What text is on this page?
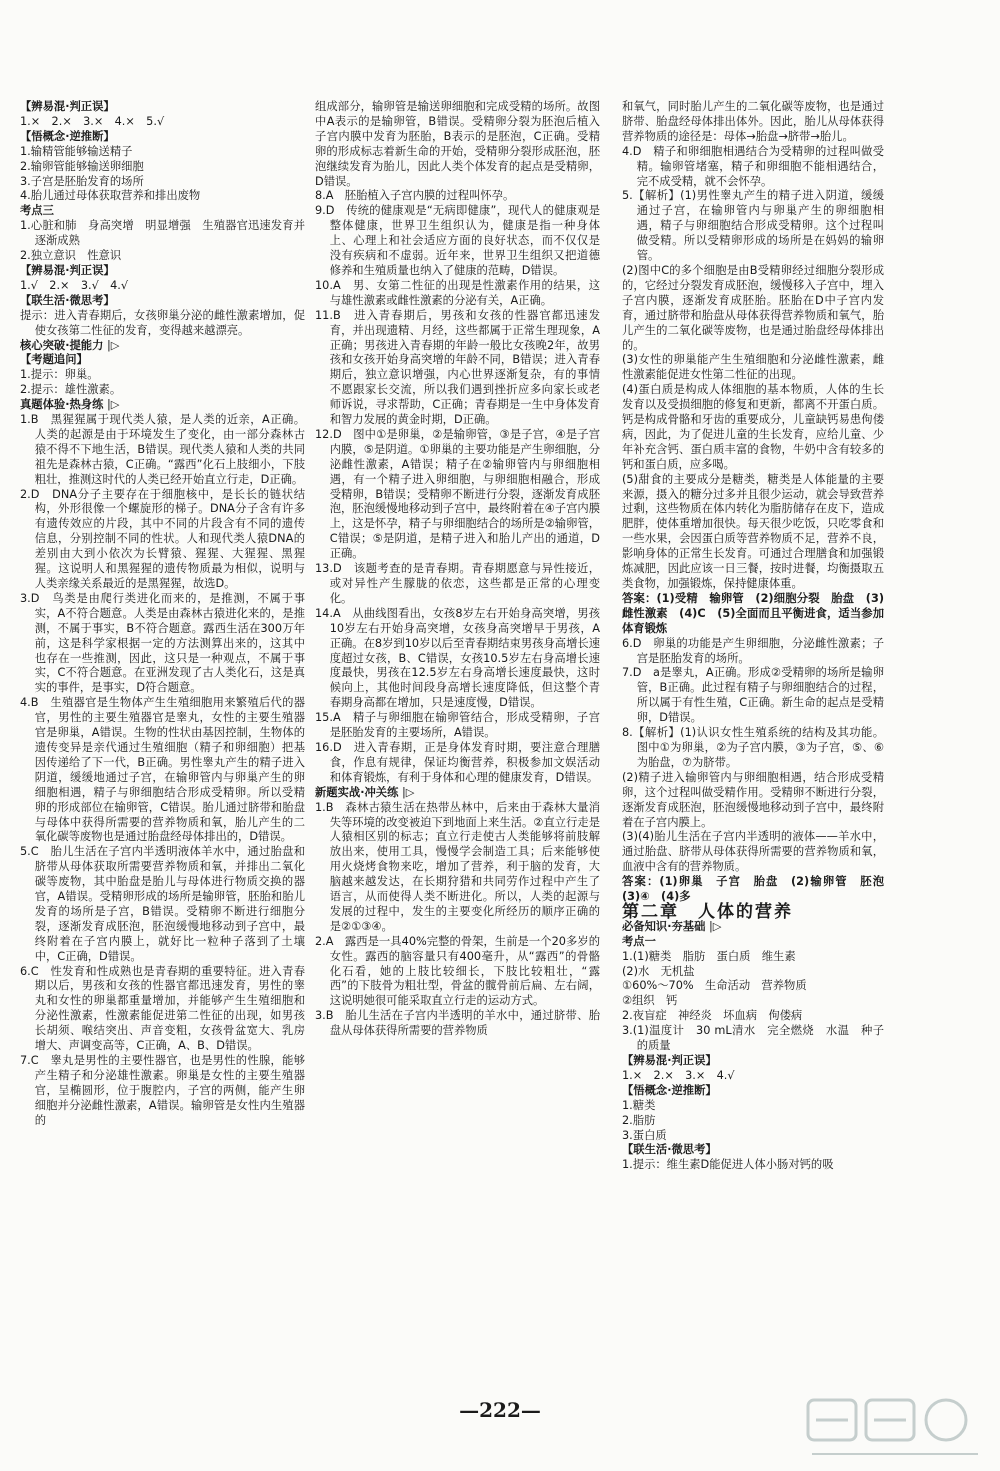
【辨易混·判正误】

1.×　2.×　3.×　4.×　5.√

【悟概念·逆推断】

1.输精管能够输送精子

2.输卵管能够输送卵细胞

3.子宫是胚胎发育的场所

4.胎儿通过母体获取营养和排出废物

考点三

1.心脏和肺　身高突增　明显增强　生殖器官迅速发育并逐渐成熟

2.独立意识　性意识

【辨易混·判正误】

1.√　2.×　3.√　4.√

【联生活·微思考】

提示：进入青春期后，女孩卵巢分泌的雌性激素增加，促使女孩第二性征的发育，变得越来越漂亮。

核心突破·提能力 |▷

【考题追问】

1.提示：卵巢。

2.提示：雄性激素。

真题体验·热身练 |▷

1.B　黑猩猩属于现代类人猿，是人类的近亲，A正确。人类的起源是由于环境发生了变化，由一部分森林古猿不得不下地生活，B错误。现代类人猿和人类的共同祖先是森林古猿，C正确。“露西”化石上肢细小，下肢粗壮，推测这时代的人类已经开始直立行走，D正确。

2.D　DNA分子主要存在于细胞核中，是长长的链状结构，外形很像一个螺旋形的梯子。DNA分子含有许多有遗传效应的片段，其中不同的片段含有不同的遗传信息，分别控制不同的性状。人和现代类人猿DNA的差别由大到小依次为长臂猿、猩猩、大猩猩、黑猩猩。这说明人和黑猩猩的遗传物质最为相似，说明与人类亲缘关系最近的是黑猩猩，故选D。

3.D　鸟类是由爬行类进化而来的，是推测，不属于事实，A不符合题意。人类是由森林古猿进化来的，是推测，不属于事实，B不符合题意。露西生活在300万年前，这是科学家根据一定的方法测算出来的，这其中也存在一些推测，因此，这只是一种观点，不属于事实，C不符合题意。在亚洲发现了古人类化石，这是真实的事件，是事实，D符合题意。

4.B　生殖器官是生物体产生生殖细胞用来繁殖后代的器官，男性的主要生殖器官是睾丸，女性的主要生殖器官是卵巢，A错误。生物的性状由基因控制，生物体的遗传变异是亲代通过生殖细胞（精子和卵细胞）把基因传递给了下一代，B正确。男性睾丸产生的精子进入阴道，缓缓地通过子宫，在输卵管内与卵巢产生的卵细胞相遇，精子与卵细胞结合形成受精卵。所以受精卵的形成部位在输卵管，C错误。胎儿通过脐带和胎盘与母体中获得所需要的营养物质和氧，胎儿产生的二氧化碳等废物也是通过胎盘经母体排出的，D错误。

5.C　胎儿生活在子宫内半透明液体羊水中，通过胎盘和脐带从母体获取所需要营养物质和氧，并排出二氧化碳等废物，其中胎盘是胎儿与母体进行物质交换的器官，A错误。受精卵形成的场所是输卵管，胚胎和胎儿发育的场所是子宫，B错误。受精卵不断进行细胞分裂，逐渐发育成胚泡，胚泡缓慢地移动到子宫中，最终附着在子宫内膜上，就好比一粒种子落到了土壤中，C正确，D错误。

6.C　性发育和性成熟也是青春期的重要特征。进入青春期以后，男孩和女孩的性器官都迅速发育，男性的睾丸和女性的卵巢都重量增加，并能够产生生殖细胞和分泌性激素，性激素能促进第二性征的出现，如男孩长胡须、喉结突出、声音变粗，女孩骨盆宽大、乳房增大、声调变高等，C正确，A、B、D错误。

7.C　睾丸是男性的主要性器官，也是男性的性腺，能够产生精子和分泌雄性激素。卵巢是女性的主要生殖器官，呈椭圆形，位于腹腔内，子宫的两侧，能产生卵细胞并分泌雌性激素，A错误。输卵管是女性内生殖器的

组成部分，输卵管是输送卵细胞和完成受精的场所。故图中A表示的是输卵管，B错误。受精卵分裂为胚泡后植入子宫内膜中发育为胚胎，B表示的是胚泡，C正确。受精卵的形成标志着新生命的开始，受精卵分裂形成胚泡，胚泡继续发育为胎儿，因此人类个体发育的起点是受精卵，D错误。

8.A　胚胎植入子宫内膜的过程叫怀孕。

9.D　传统的健康观是“无病即健康”，现代人的健康观是整体健康，世界卫生组织认为，健康是指一种身体上、心理上和社会适应方面的良好状态，而不仅仅是没有疾病和不虚弱。近年来，世界卫生组织又把道德修养和生殖质量也纳入了健康的范畴，D错误。

10.A　男、女第二性征的出现是性激素作用的结果，这与雄性激素或雌性激素的分泌有关，A正确。

11.B　进入青春期后，男孩和女孩的性器官都迅速发育，并出现遗精、月经，这些都属于正常生理现象，A正确；男孩进入青春期的年龄一般比女孩晚2年，故男孩和女孩开始身高突增的年龄不同，B错误；进入青春期后，独立意识增强，内心世界逐渐复杂，有的事情不愿跟家长交流，所以我们遇到挫折应多向家长或老师诉说，寻求帮助，C正确；青春期是一生中身体发育和智力发展的黄金时期，D正确。

12.D　图中①是卵巢，②是输卵管，③是子宫，④是子宫内膜，⑤是阴道。①卵巢的主要功能是产生卵细胞，分泌雌性激素，A错误；精子在②输卵管内与卵细胞相遇，有一个精子进入卵细胞，与卵细胞相融合，形成受精卵，B错误；受精卵不断进行分裂，逐渐发育成胚泡，胚泡缓慢地移动到子宫中，最终附着在④子宫内膜上，这是怀孕，精子与卵细胞结合的场所是②输卵管，C错误；⑤是阴道，是精子进入和胎儿产出的通道，D正确。

13.D　该题考查的是青春期。青春期愿意与异性接近，或对异性产生朦胧的依恋，这些都是正常的心理变化。

14.A　从曲线图看出，女孩8岁左右开始身高突增，男孩10岁左右开始身高突增，女孩身高突增早于男孩，A正确。在8岁到10岁以后至青春期结束男孩身高增长速度超过女孩，B、C错误，女孩10.5岁左右身高增长速度最快，男孩在12.5岁左右身高增长速度最快，这时候向上，其他时间段身高增长速度降低，但这整个青春期身高都在增加，只是速度慢，D错误。

15.A　精子与卵细胞在输卵管结合，形成受精卵，子宫是胚胎发育的主要场所，A错误。

16.D　进入青春期，正是身体发育时期，要注意合理膳食，作息有规律，保证均衡营养，积极参加文娱活动和体育锻炼，有利于身体和心理的健康发育，D错误。

新题实战·冲关练 |▷

1.B　森林古猿生活在热带丛林中，后来由于森林大量消失等环境的改变被迫下到地面上来生活。②直立行走是人猿相区别的标志；直立行走使古人类能够将前肢解放出来，使用工具，慢慢学会制造工具；后来能够使用火烧烤食物来吃，增加了营养，利于脑的发育，大脑越来越发达，在长期狩猎和共同劳作过程中产生了语言，从而使得人类不断进化。所以，人类的起源与发展的过程中，发生的主要变化所经历的顺序正确的是②①③④。

2.A　露西是一具40%完整的骨架，生前是一个20多岁的女性。露西的脑容量只有400毫升，从“露西”的骨骼化石看，她的上肢比较细长，下肢比较粗壮，“露西”的下肢骨为粗壮型，骨盆的髋骨前后扁、左右阔，这说明她很可能采取直立行走的运动方式。

3.B　胎儿生活在子宫内半透明的羊水中，通过脐带、胎盘从母体获得所需要的营养物质

和氧气，同时胎儿产生的二氧化碳等废物，也是通过脐带、胎盘经母体排出体外。因此，胎儿从母体获得营养物质的途径是：母体→胎盘→脐带→胎儿。

4.D　精子和卵细胞相遇结合为受精卵的过程叫做受精。输卵管堵塞，精子和卵细胞不能相遇结合，完不成受精，就不会怀孕。

5.【解析】(1)男性睾丸产生的精子进入阴道，缓缓通过子宫，在输卵管内与卵巢产生的卵细胞相遇，精子与卵细胞结合形成受精卵。这个过程叫做受精。所以受精卵形成的场所是在妈妈的输卵管。

(2)图中C的多个细胞是由B受精卵经过细胞分裂形成的，它经过分裂发育成胚泡，缓慢移入子宫中，埋入子宫内膜，逐渐发育成胚胎。胚胎在D中子宫内发育，通过脐带和胎盘从母体获得营养物质和氧气，胎儿产生的二氧化碳等废物，也是通过胎盘经母体排出的。

(3)女性的卵巢能产生生殖细胞和分泌雌性激素，雌性激素能促进女性第二性征的出现。

(4)蛋白质是构成人体细胞的基本物质，人体的生长发育以及受损细胞的修复和更新，都离不开蛋白质。钙是构成骨骼和牙齿的重要成分，儿童缺钙易患佝偻病，因此，为了促进儿童的生长发育，应给儿童、少年补充含钙、蛋白质丰富的食物，牛奶中含有较多的钙和蛋白质，应多喝。

(5)甜食的主要成分是糖类，糖类是人体能量的主要来源，摄入的糖分过多并且很少运动，就会导致营养过剩，这些物质在体内转化为脂肪储存在皮下，造成肥胖，使体重增加很快。每天很少吃饭，只吃零食和一些水果，会因蛋白质等营养物质不足，营养不良，影响身体的正常生长发育。可通过合理膳食和加强锻炼减肥，因此应该一日三餐，按时进餐，均衡摄取五类食物，加强锻炼，保持健康体重。

答案：(1)受精　输卵管　(2)细胞分裂　胎盘　(3)雌性激素　(4)C　(5)全面而且平衡进食，适当参加体育锻炼

6.D　卵巢的功能是产生卵细胞，分泌雌性激素；子宫是胚胎发育的场所。

7.D　a是睾丸，A正确。形成②受精卵的场所是输卵管，B正确。此过程有精子与卵细胞结合的过程，所以属于有性生殖，C正确。新生命的起点是受精卵，D错误。

8.【解析】(1)认识女性生殖系统的结构及其功能。图中①为卵巢，②为子宫内膜，③为子宫，⑤、⑥为胎盘，⑦为脐带。

(2)精子进入输卵管内与卵细胞相遇，结合形成受精卵，这个过程叫做受精作用。受精卵不断进行分裂，逐渐发育成胚泡，胚泡缓慢地移动到子宫中，最终附着在子宫内膜上。

(3)(4)胎儿生活在子宫内半透明的液体——羊水中，通过胎盘、脐带从母体获得所需要的营养物质和氧，血液中含有的营养物质。

答案：(1)卵巢　子宫　胎盘　(2)输卵管　胚泡　(3)④　(4)多

第二章　人体的营养

必备知识·夯基础 |▷

考点一

1.(1)糖类　脂肪　蛋白质　维生素

(2)水　无机盐

①60%～70%　生命活动　营养物质

②组织　钙

2.夜盲症　神经炎　坏血病　佝偻病

3.(1)温度计　30 mL清水　完全燃烧　水温　种子的质量

【辨易混·判正误】

1.×　2.×　3.×　4.√

【悟概念·逆推断】

1.糖类

2.脂肪

3.蛋白质

【联生活·微思考】

1.提示：维生素D能促进人体小肠对钙的吸

—222—
